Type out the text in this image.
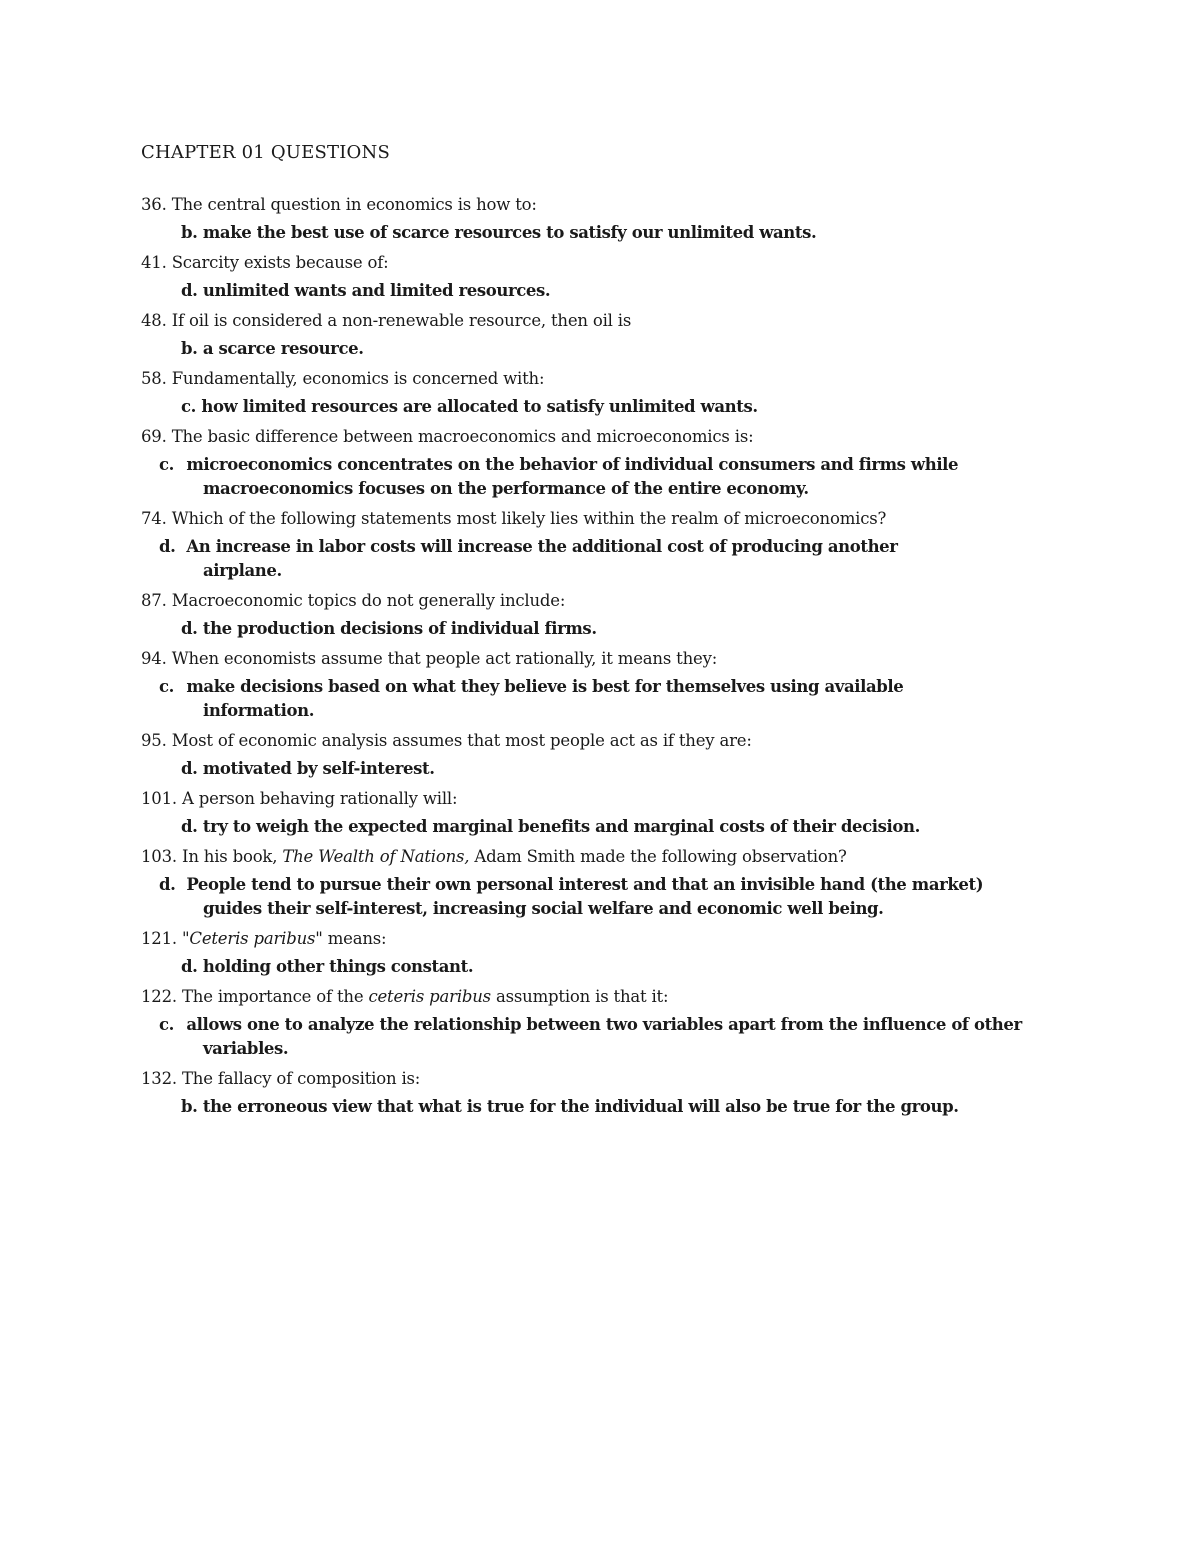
CHAPTER 01 QUESTIONS
36. The central question in economics is how to:
b. make the best use of scarce resources to satisfy our unlimited wants.
41. Scarcity exists because of:
d. unlimited wants and limited resources.
48. If oil is considered a non-renewable resource, then oil is
b. a scarce resource.
58. Fundamentally, economics is concerned with:
c. how limited resources are allocated to satisfy unlimited wants.
69. The basic difference between macroeconomics and microeconomics is:
c. microeconomics concentrates on the behavior of individual consumers and firms while macroeconomics focuses on the performance of the entire economy.
74. Which of the following statements most likely lies within the realm of microeconomics?
d. An increase in labor costs will increase the additional cost of producing another airplane.
87. Macroeconomic topics do not generally include:
d. the production decisions of individual firms.
94. When economists assume that people act rationally, it means they:
c. make decisions based on what they believe is best for themselves using available information.
95. Most of economic analysis assumes that most people act as if they are:
d. motivated by self-interest.
101. A person behaving rationally will:
d. try to weigh the expected marginal benefits and marginal costs of their decision.
103. In his book, The Wealth of Nations, Adam Smith made the following observation?
d. People tend to pursue their own personal interest and that an invisible hand (the market) guides their self-interest, increasing social welfare and economic well being.
121. "Ceteris paribus" means:
d. holding other things constant.
122. The importance of the ceteris paribus assumption is that it:
c. allows one to analyze the relationship between two variables apart from the influence of other variables.
132. The fallacy of composition is:
b. the erroneous view that what is true for the individual will also be true for the group.
